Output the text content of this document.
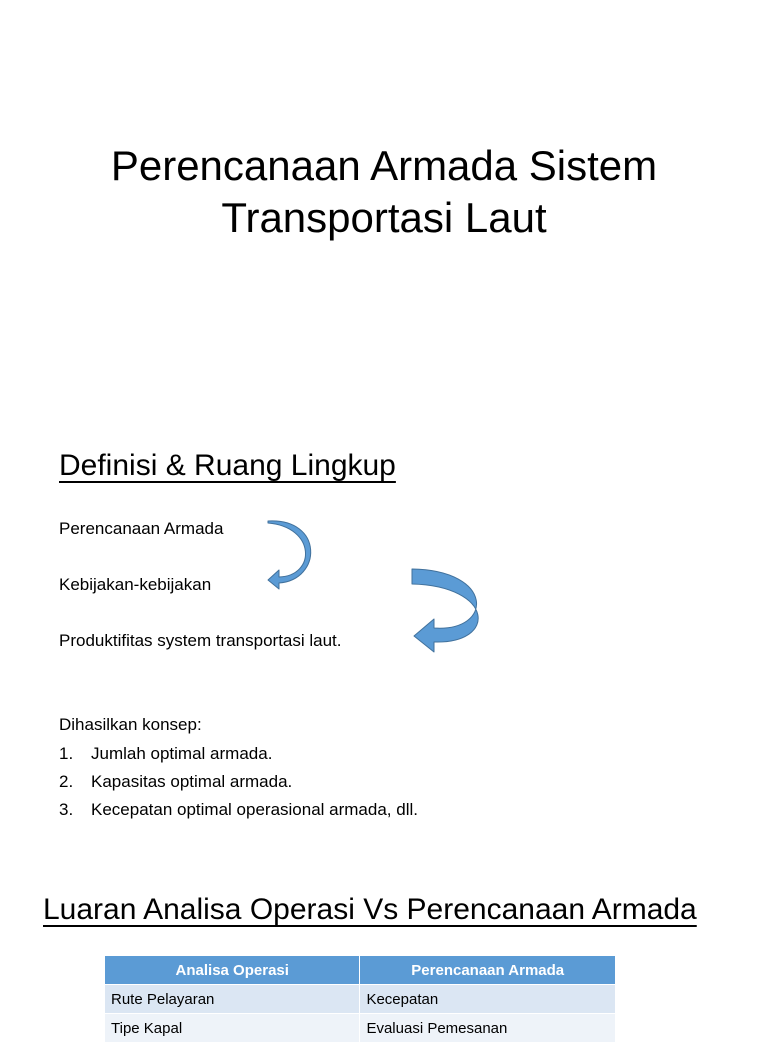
Perencanaan Armada Sistem
Transportasi Laut
Definisi & Ruang Lingkup

Perencanaan Armada

Kebijakan-kebijakan

Produktifitas system transportasi laut.

Dihasilkan konsep:

1. Jumlah optimal armada.
2. Kapasitas optimal armada.
3. Kecepatan optimal operasional armada, dll.
Luaran Analisa Operasi Vs Perencanaan Armada
Analisa Operasi	Perencanaan Armada
Rute Pelayaran	Kecepatan
Tipe Kapal	Evaluasi Pemesanan
